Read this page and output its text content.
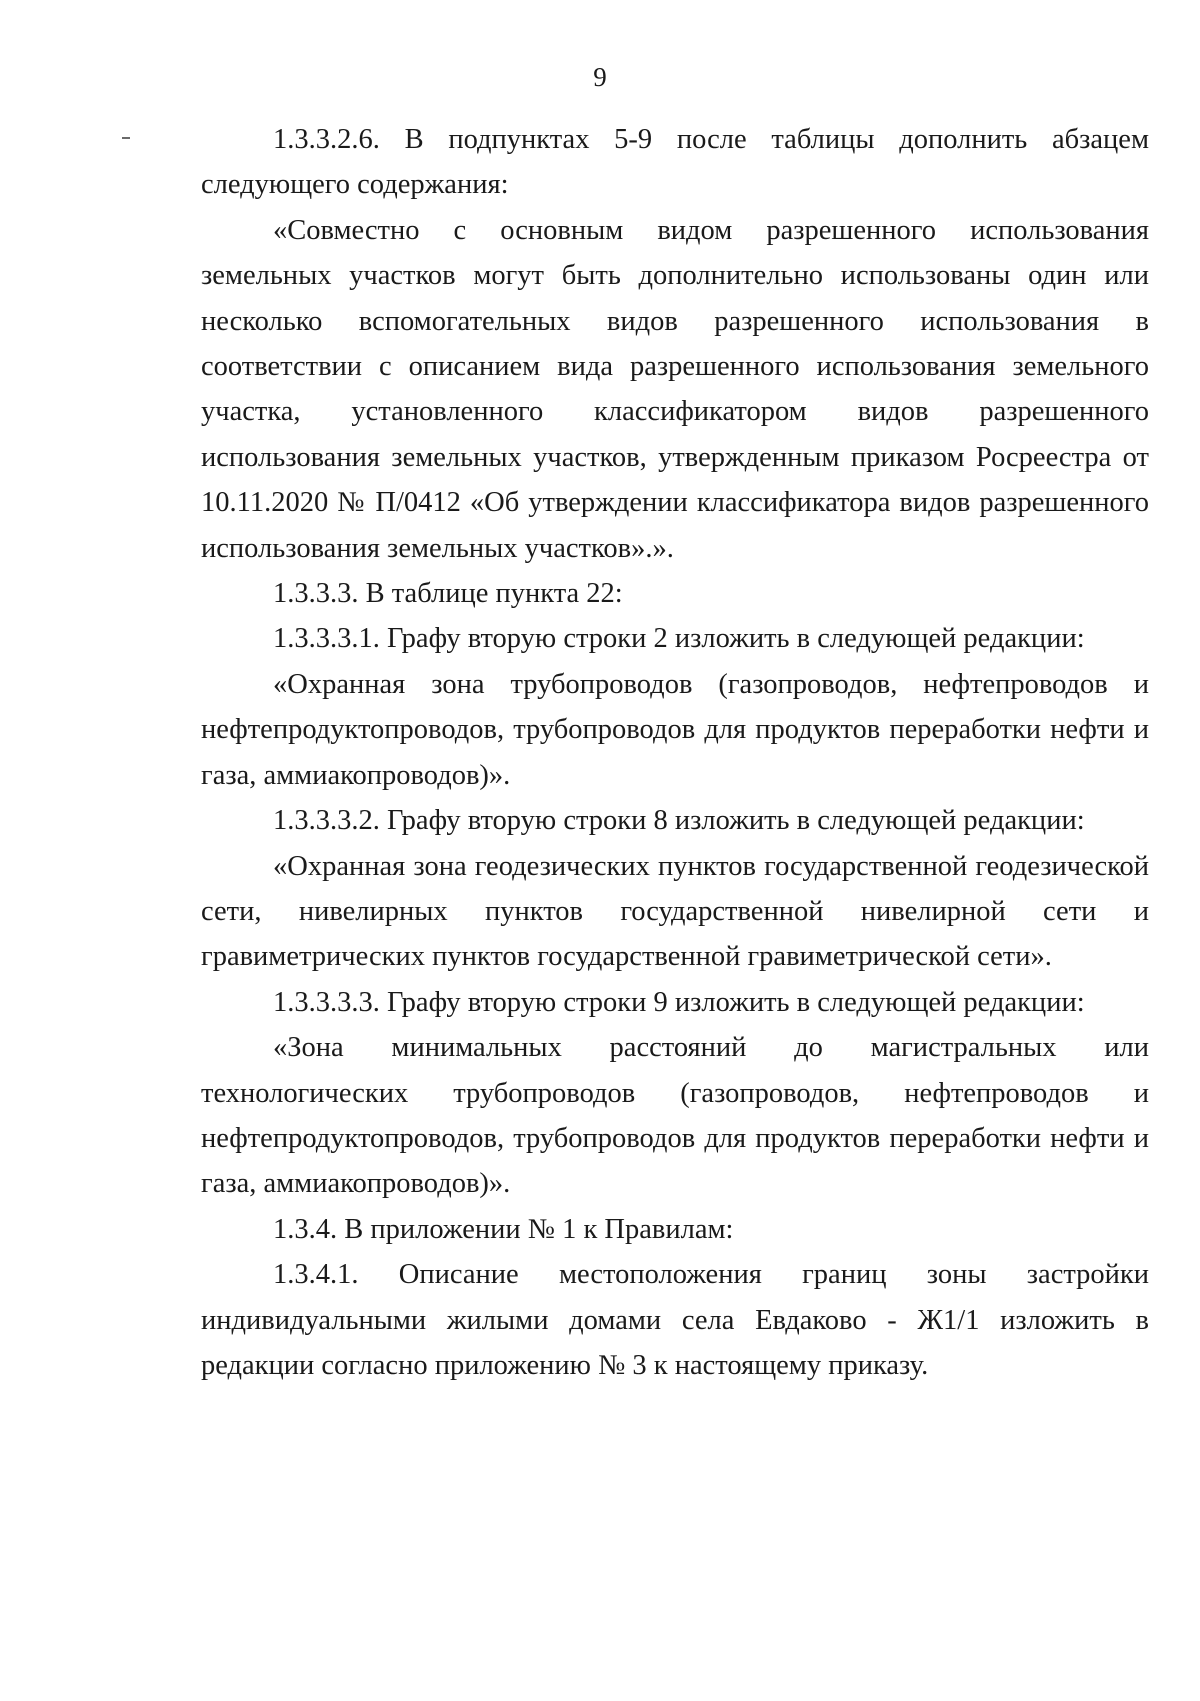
9

1.3.3.2.6. В подпунктах 5-9 после таблицы дополнить абзацем следующего содержания:

«Совместно с основным видом разрешенного использования земельных участков могут быть дополнительно использованы один или несколько вспомогательных видов разрешенного использования в соответствии с описанием вида разрешенного использования земельного участка, установленного классификатором видов разрешенного использования земельных участков, утвержденным приказом Росреестра от 10.11.2020 № П/0412 «Об утверждении классификатора видов разрешенного использования земельных участков».».

1.3.3.3. В таблице пункта 22:

1.3.3.3.1. Графу вторую строки 2 изложить в следующей редакции:

«Охранная зона трубопроводов (газопроводов, нефтепроводов и нефтепродуктопроводов, трубопроводов для продуктов переработки нефти и газа, аммиакопроводов)».

1.3.3.3.2. Графу вторую строки 8 изложить в следующей редакции:

«Охранная зона геодезических пунктов государственной геодезической сети, нивелирных пунктов государственной нивелирной сети и гравиметрических пунктов государственной гравиметрической сети».

1.3.3.3.3. Графу вторую строки 9 изложить в следующей редакции:

«Зона минимальных расстояний до магистральных или технологических трубопроводов (газопроводов, нефтепроводов и нефтепродуктопроводов, трубопроводов для продуктов переработки нефти и газа, аммиакопроводов)».

1.3.4. В приложении № 1 к Правилам:

1.3.4.1. Описание местоположения границ зоны застройки индивидуальными жилыми домами села Евдаково - Ж1/1 изложить в редакции согласно приложению № 3 к настоящему приказу.
